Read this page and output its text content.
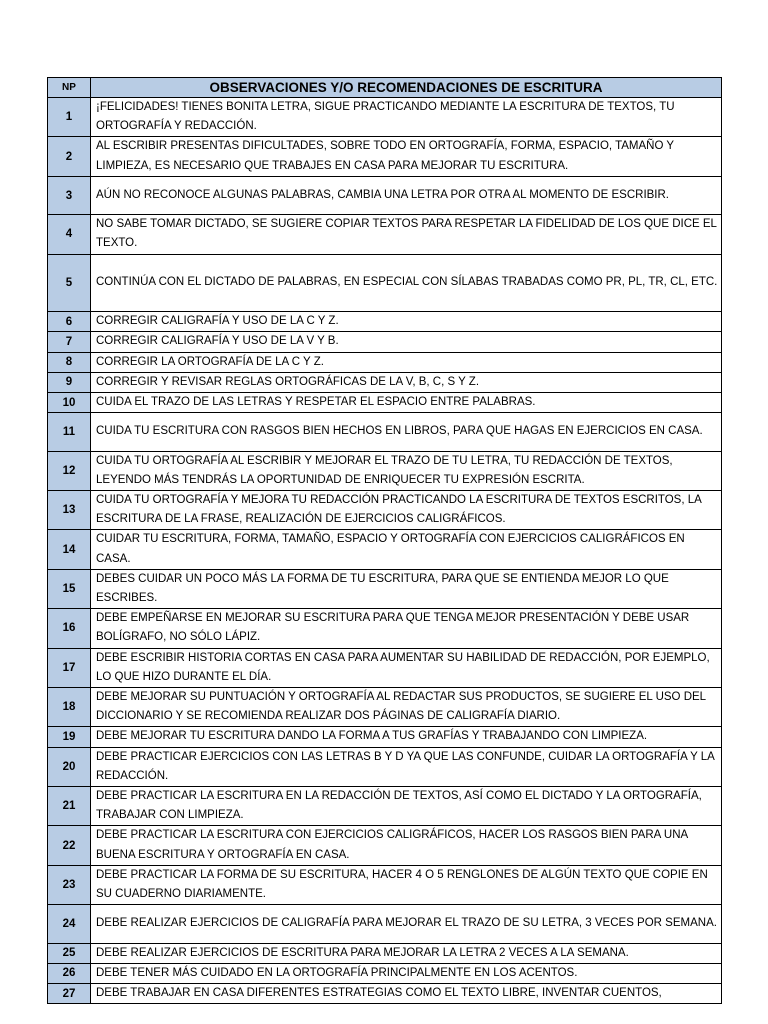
NP	OBSERVACIONES Y/O RECOMENDACIONES DE ESCRITURA
1	¡FELICIDADES! TIENES BONITA LETRA, SIGUE PRACTICANDO MEDIANTE LA ESCRITURA DE TEXTOS, TU ORTOGRAFÍA Y REDACCIÓN.
2	AL ESCRIBIR PRESENTAS DIFICULTADES, SOBRE TODO EN ORTOGRAFÍA, FORMA, ESPACIO, TAMAÑO Y LIMPIEZA, ES NECESARIO QUE TRABAJES EN CASA PARA MEJORAR TU ESCRITURA.
3	AÚN NO RECONOCE ALGUNAS PALABRAS, CAMBIA UNA LETRA POR OTRA AL MOMENTO DE ESCRIBIR.
4	NO SABE TOMAR DICTADO, SE SUGIERE COPIAR TEXTOS PARA RESPETAR LA FIDELIDAD DE LOS QUE DICE EL TEXTO.
5	CONTINÚA CON EL DICTADO DE PALABRAS, EN ESPECIAL CON SÍLABAS TRABADAS COMO PR, PL, TR, CL, ETC.
6	CORREGIR CALIGRAFÍA Y USO DE LA C Y Z.
7	CORREGIR CALIGRAFÍA Y USO DE LA V Y B.
8	CORREGIR LA ORTOGRAFÍA DE LA C Y Z.
9	CORREGIR Y REVISAR REGLAS ORTOGRÁFICAS DE LA V, B, C, S Y Z.
10	CUIDA EL TRAZO DE LAS LETRAS Y RESPETAR EL ESPACIO ENTRE PALABRAS.
11	CUIDA TU ESCRITURA CON RASGOS BIEN HECHOS EN LIBROS, PARA QUE HAGAS EN EJERCICIOS EN CASA.
12	CUIDA TU ORTOGRAFÍA AL ESCRIBIR Y MEJORAR EL TRAZO DE TU LETRA, TU REDACCIÓN DE TEXTOS, LEYENDO MÁS TENDRÁS LA OPORTUNIDAD DE ENRIQUECER TU EXPRESIÓN ESCRITA.
13	CUIDA TU ORTOGRAFÍA Y MEJORA TU REDACCIÓN PRACTICANDO LA ESCRITURA DE TEXTOS ESCRITOS, LA ESCRITURA DE LA FRASE, REALIZACIÓN DE EJERCICIOS CALIGRÁFICOS.
14	CUIDAR TU ESCRITURA, FORMA, TAMAÑO, ESPACIO Y ORTOGRAFÍA CON EJERCICIOS CALIGRÁFICOS EN CASA.
15	DEBES CUIDAR UN POCO MÁS LA FORMA DE TU ESCRITURA, PARA QUE SE ENTIENDA MEJOR LO QUE ESCRIBES.
16	DEBE EMPEÑARSE EN MEJORAR SU ESCRITURA PARA QUE TENGA MEJOR PRESENTACIÓN Y DEBE USAR BOLÍGRAFO, NO SÓLO LÁPIZ.
17	DEBE ESCRIBIR HISTORIA CORTAS EN CASA PARA AUMENTAR SU HABILIDAD DE REDACCIÓN, POR EJEMPLO, LO QUE HIZO DURANTE EL DÍA.
18	DEBE MEJORAR SU PUNTUACIÓN Y ORTOGRAFÍA AL REDACTAR SUS PRODUCTOS, SE SUGIERE EL USO DEL DICCIONARIO Y SE RECOMIENDA REALIZAR DOS PÁGINAS DE CALIGRAFÍA DIARIO.
19	DEBE MEJORAR TU ESCRITURA DANDO LA FORMA A TUS GRAFÍAS Y TRABAJANDO CON LIMPIEZA.
20	DEBE PRACTICAR EJERCICIOS CON LAS LETRAS B Y D YA QUE LAS CONFUNDE, CUIDAR LA ORTOGRAFÍA Y LA REDACCIÓN.
21	DEBE PRACTICAR LA ESCRITURA EN LA REDACCIÓN DE TEXTOS, ASÍ COMO EL DICTADO Y LA ORTOGRAFÍA, TRABAJAR CON LIMPIEZA.
22	DEBE PRACTICAR LA ESCRITURA CON EJERCICIOS CALIGRÁFICOS, HACER LOS RASGOS BIEN PARA UNA BUENA ESCRITURA Y ORTOGRAFÍA EN CASA.
23	DEBE PRACTICAR LA FORMA DE SU ESCRITURA, HACER 4 O 5 RENGLONES DE ALGÚN TEXTO QUE COPIE EN SU CUADERNO DIARIAMENTE.
24	DEBE REALIZAR EJERCICIOS DE CALIGRAFÍA PARA MEJORAR EL TRAZO DE SU LETRA, 3 VECES POR SEMANA.
25	DEBE REALIZAR EJERCICIOS DE ESCRITURA PARA MEJORAR LA LETRA 2 VECES A LA SEMANA.
26	DEBE TENER MÁS CUIDADO EN LA ORTOGRAFÍA PRINCIPALMENTE EN LOS ACENTOS.
27	DEBE TRABAJAR EN CASA DIFERENTES ESTRATEGIAS COMO EL TEXTO LIBRE, INVENTAR CUENTOS,
